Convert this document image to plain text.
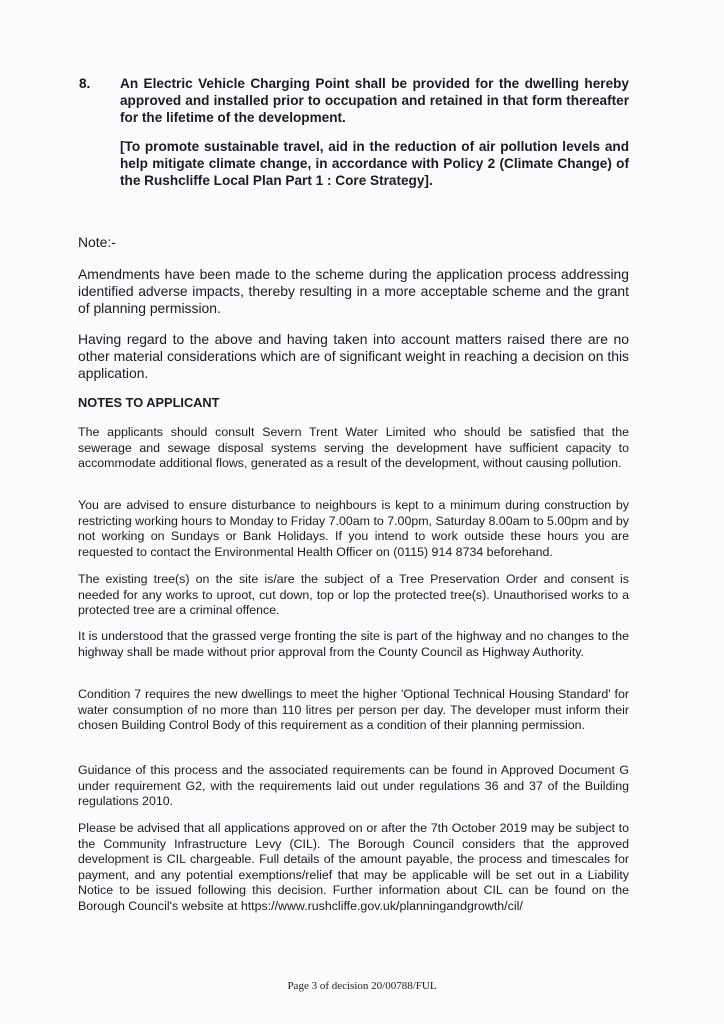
8. An Electric Vehicle Charging Point shall be provided for the dwelling hereby approved and installed prior to occupation and retained in that form thereafter for the lifetime of the development.

[To promote sustainable travel, aid in the reduction of air pollution levels and help mitigate climate change, in accordance with Policy 2 (Climate Change) of the Rushcliffe Local Plan Part 1 : Core Strategy].

Note:-

Amendments have been made to the scheme during the application process addressing identified adverse impacts, thereby resulting in a more acceptable scheme and the grant of planning permission.

Having regard to the above and having taken into account matters raised there are no other material considerations which are of significant weight in reaching a decision on this application.

NOTES TO APPLICANT

The applicants should consult Severn Trent Water Limited who should be satisfied that the sewerage and sewage disposal systems serving the development have sufficient capacity to accommodate additional flows, generated as a result of the development, without causing pollution.

You are advised to ensure disturbance to neighbours is kept to a minimum during construction by restricting working hours to Monday to Friday 7.00am to 7.00pm, Saturday 8.00am to 5.00pm and by not working on Sundays or Bank Holidays. If you intend to work outside these hours you are requested to contact the Environmental Health Officer on (0115) 914 8734 beforehand.

The existing tree(s) on the site is/are the subject of a Tree Preservation Order and consent is needed for any works to uproot, cut down, top or lop the protected tree(s). Unauthorised works to a protected tree are a criminal offence.

It is understood that the grassed verge fronting the site is part of the highway and no changes to the highway shall be made without prior approval from the County Council as Highway Authority.

Condition 7 requires the new dwellings to meet the higher 'Optional Technical Housing Standard' for water consumption of no more than 110 litres per person per day. The developer must inform their chosen Building Control Body of this requirement as a condition of their planning permission.

Guidance of this process and the associated requirements can be found in Approved Document G under requirement G2, with the requirements laid out under regulations 36 and 37 of the Building regulations 2010.

Please be advised that all applications approved on or after the 7th October 2019 may be subject to the Community Infrastructure Levy (CIL). The Borough Council considers that the approved development is CIL chargeable. Full details of the amount payable, the process and timescales for payment, and any potential exemptions/relief that may be applicable will be set out in a Liability Notice to be issued following this decision. Further information about CIL can be found on the Borough Council's website at https://www.rushcliffe.gov.uk/planningandgrowth/cil/

Page 3 of decision 20/00788/FUL
